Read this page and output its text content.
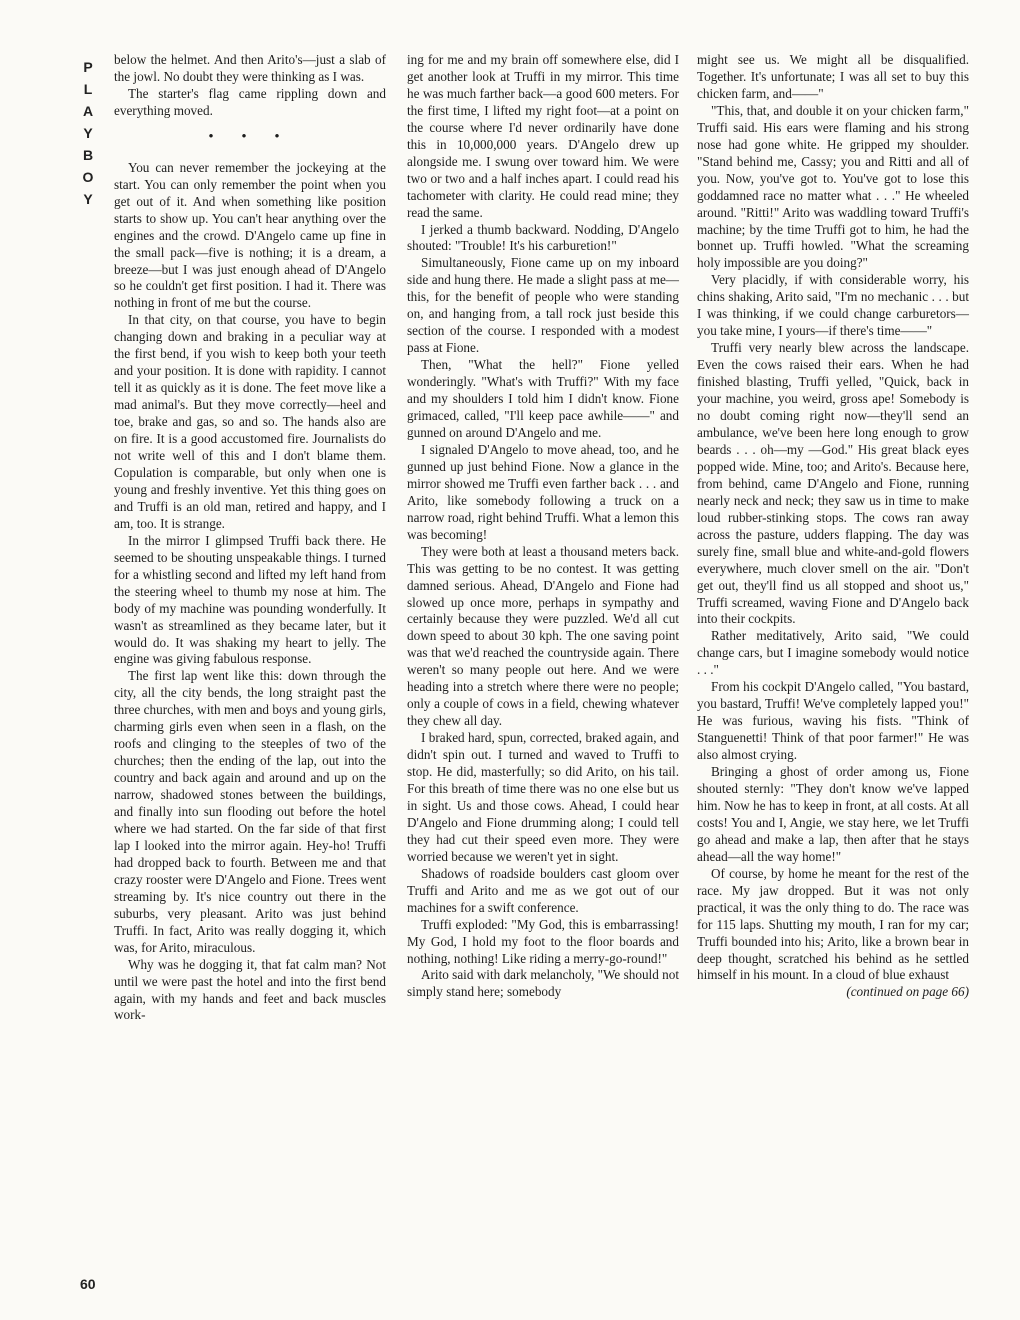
PLAYBOY

below the helmet. And then Arito's—just a slab of the jowl. No doubt they were thinking as I was.

The starter's flag came rippling down and everything moved.

• • •

You can never remember the jockeying at the start. You can only remember the point when you get out of it. And when something like position starts to show up. You can't hear anything over the engines and the crowd. D'Angelo came up fine in the small pack—five is nothing; it is a dream, a breeze—but I was just enough ahead of D'Angelo so he couldn't get first position. I had it. There was nothing in front of me but the course.

In that city, on that course, you have to begin changing down and braking in a peculiar way at the first bend, if you wish to keep both your teeth and your position. It is done with rapidity. I cannot tell it as quickly as it is done. The feet move like a mad animal's. But they move correctly—heel and toe, brake and gas, so and so. The hands also are on fire. It is a good accustomed fire. Journalists do not write well of this and I don't blame them. Copulation is comparable, but only when one is young and freshly inventive. Yet this thing goes on and Truffi is an old man, retired and happy, and I am, too. It is strange.

In the mirror I glimpsed Truffi back there. He seemed to be shouting unspeakable things. I turned for a whistling second and lifted my left hand from the steering wheel to thumb my nose at him. The body of my machine was pounding wonderfully. It wasn't as streamlined as they became later, but it would do. It was shaking my heart to jelly. The engine was giving fabulous response.

The first lap went like this: down through the city, all the city bends, the long straight past the three churches, with men and boys and young girls, charming girls even when seen in a flash, on the roofs and clinging to the steeples of two of the churches; then the ending of the lap, out into the country and back again and around and up on the narrow, shadowed stones between the buildings, and finally into sun flooding out before the hotel where we had started. On the far side of that first lap I looked into the mirror again. Hey-ho! Truffi had dropped back to fourth. Between me and that crazy rooster were D'Angelo and Fione. Trees went streaming by. It's nice country out there in the suburbs, very pleasant. Arito was just behind Truffi. In fact, Arito was really dogging it, which was, for Arito, miraculous.

Why was he dogging it, that fat calm man? Not until we were past the hotel and into the first bend again, with my hands and feet and back muscles work-

ing for me and my brain off somewhere else, did I get another look at Truffi in my mirror. This time he was much farther back—a good 600 meters. For the first time, I lifted my right foot—at a point on the course where I'd never ordinarily have done this in 10,000,000 years. D'Angelo drew up alongside me. I swung over toward him. We were two or two and a half inches apart. I could read his tachometer with clarity. He could read mine; they read the same.

I jerked a thumb backward. Nodding, D'Angelo shouted: "Trouble! It's his carburetion!"

Simultaneously, Fione came up on my inboard side and hung there. He made a slight pass at me—this, for the benefit of people who were standing on, and hanging from, a tall rock just beside this section of the course. I responded with a modest pass at Fione.

Then, "What the hell?" Fione yelled wonderingly. "What's with Truffi?" With my face and my shoulders I told him I didn't know. Fione grimaced, called, "I'll keep pace awhile——" and gunned on around D'Angelo and me.

I signaled D'Angelo to move ahead, too, and he gunned up just behind Fione. Now a glance in the mirror showed me Truffi even farther back . . . and Arito, like somebody following a truck on a narrow road, right behind Truffi. What a lemon this was becoming!

They were both at least a thousand meters back. This was getting to be no contest. It was getting damned serious. Ahead, D'Angelo and Fione had slowed up once more, perhaps in sympathy and certainly because they were puzzled. We'd all cut down speed to about 30 kph. The one saving point was that we'd reached the countryside again. There weren't so many people out here. And we were heading into a stretch where there were no people; only a couple of cows in a field, chewing whatever they chew all day.

I braked hard, spun, corrected, braked again, and didn't spin out. I turned and waved to Truffi to stop. He did, masterfully; so did Arito, on his tail. For this breath of time there was no one else but us in sight. Us and those cows. Ahead, I could hear D'Angelo and Fione drumming along; I could tell they had cut their speed even more. They were worried because we weren't yet in sight.

Shadows of roadside boulders cast gloom over Truffi and Arito and me as we got out of our machines for a swift conference.

Truffi exploded: "My God, this is embarrassing! My God, I hold my foot to the floor boards and nothing, nothing! Like riding a merry-go-round!"

Arito said with dark melancholy, "We should not simply stand here; somebody

might see us. We might all be disqualified. Together. It's unfortunate; I was all set to buy this chicken farm, and——"

"This, that, and double it on your chicken farm," Truffi said. His ears were flaming and his strong nose had gone white. He gripped my shoulder. "Stand behind me, Cassy; you and Ritti and all of you. Now, you've got to. You've got to lose this goddamned race no matter what . . ." He wheeled around. "Ritti!" Arito was waddling toward Truffi's machine; by the time Truffi got to him, he had the bonnet up. Truffi howled. "What the screaming holy impossible are you doing?"

Very placidly, if with considerable worry, his chins shaking, Arito said, "I'm no mechanic . . . but I was thinking, if we could change carburetors—you take mine, I yours—if there's time——"

Truffi very nearly blew across the landscape. Even the cows raised their ears. When he had finished blasting, Truffi yelled, "Quick, back in your machine, you weird, gross ape! Somebody is no doubt coming right now—they'll send an ambulance, we've been here long enough to grow beards . . . oh—my —God." His great black eyes popped wide. Mine, too; and Arito's. Because here, from behind, came D'Angelo and Fione, running nearly neck and neck; they saw us in time to make loud rubber-stinking stops. The cows ran away across the pasture, udders flapping. The day was surely fine, small blue and white-and-gold flowers everywhere, much clover smell on the air. "Don't get out, they'll find us all stopped and shoot us," Truffi screamed, waving Fione and D'Angelo back into their cockpits.

Rather meditatively, Arito said, "We could change cars, but I imagine somebody would notice . . ."

From his cockpit D'Angelo called, "You bastard, you bastard, Truffi! We've completely lapped you!" He was furious, waving his fists. "Think of Stanguenetti! Think of that poor farmer!" He was also almost crying.

Bringing a ghost of order among us, Fione shouted sternly: "They don't know we've lapped him. Now he has to keep in front, at all costs. At all costs! You and I, Angie, we stay here, we let Truffi go ahead and make a lap, then after that he stays ahead—all the way home!"

Of course, by home he meant for the rest of the race. My jaw dropped. But it was not only practical, it was the only thing to do. The race was for 115 laps. Shutting my mouth, I ran for my car; Truffi bounded into his; Arito, like a brown bear in deep thought, scratched his behind as he settled himself in his mount. In a cloud of blue exhaust

(continued on page 66)

60
